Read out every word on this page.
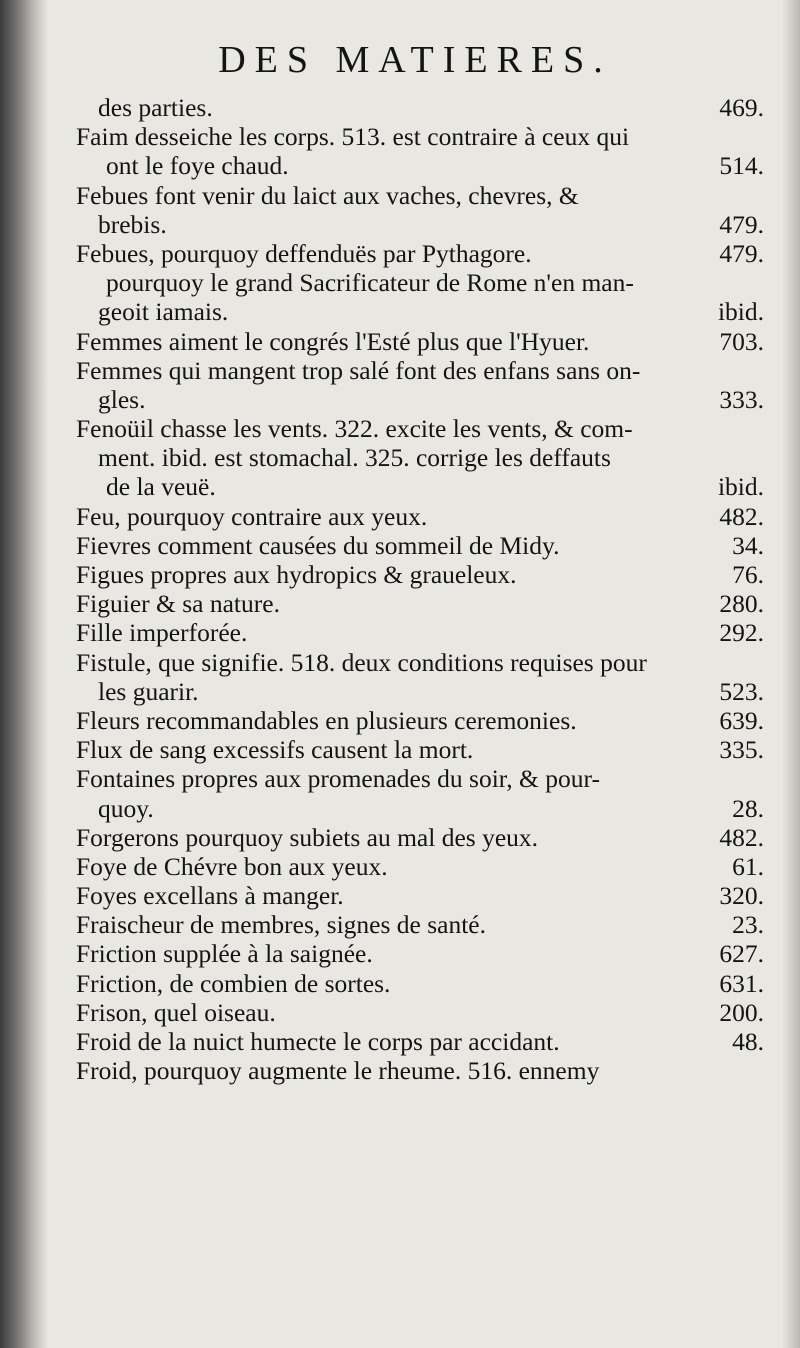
DES MATIERES.
des parties.	469.
Faim desseiche les corps. 513. est contraire à ceux qui
ont le foye chaud.	514.
Febues font venir du laict aux vaches, chevres, &
brebis.	479.
Febues, pourquoy deffenduës par Pythagore.	479.
pourquoy le grand Sacrificateur de Rome n'en man-
geoit iamais.	ibid.
Femmes aiment le congrés l'Esté plus que l'Hyuer.	703.
Femmes qui mangent trop salé font des enfans sans on-
gles.	333.
Fenoüil chasse les vents. 322. excite les vents, & com-
ment. ibid. est stomachal. 325. corrige les deffauts
de la veuë.	ibid.
Feu, pourquoy contraire aux yeux.	482.
Fievres comment causées du sommeil de Midy.	34.
Figues propres aux hydropics & graueleux.	76.
Figuier & sa nature.	280.
Fille imperforée.	292.
Fistule, que signifie. 518. deux conditions requises pour
les guarir.	523.
Fleurs recommandables en plusieurs ceremonies.	639.
Flux de sang excessifs causent la mort.	335.
Fontaines propres aux promenades du soir, & pour-
quoy.	28.
Forgerons pourquoy subiets au mal des yeux.	482.
Foye de Chévre bon aux yeux.	61.
Foyes excellans à manger.	320.
Fraischeur de membres, signes de santé.	23.
Friction supplée à la saignée.	627.
Friction, de combien de sortes.	631.
Frison, quel oiseau.	200.
Froid de la nuict humecte le corps par accidant.	48.
Froid, pourquoy augmente le rheume. 516. ennemy
